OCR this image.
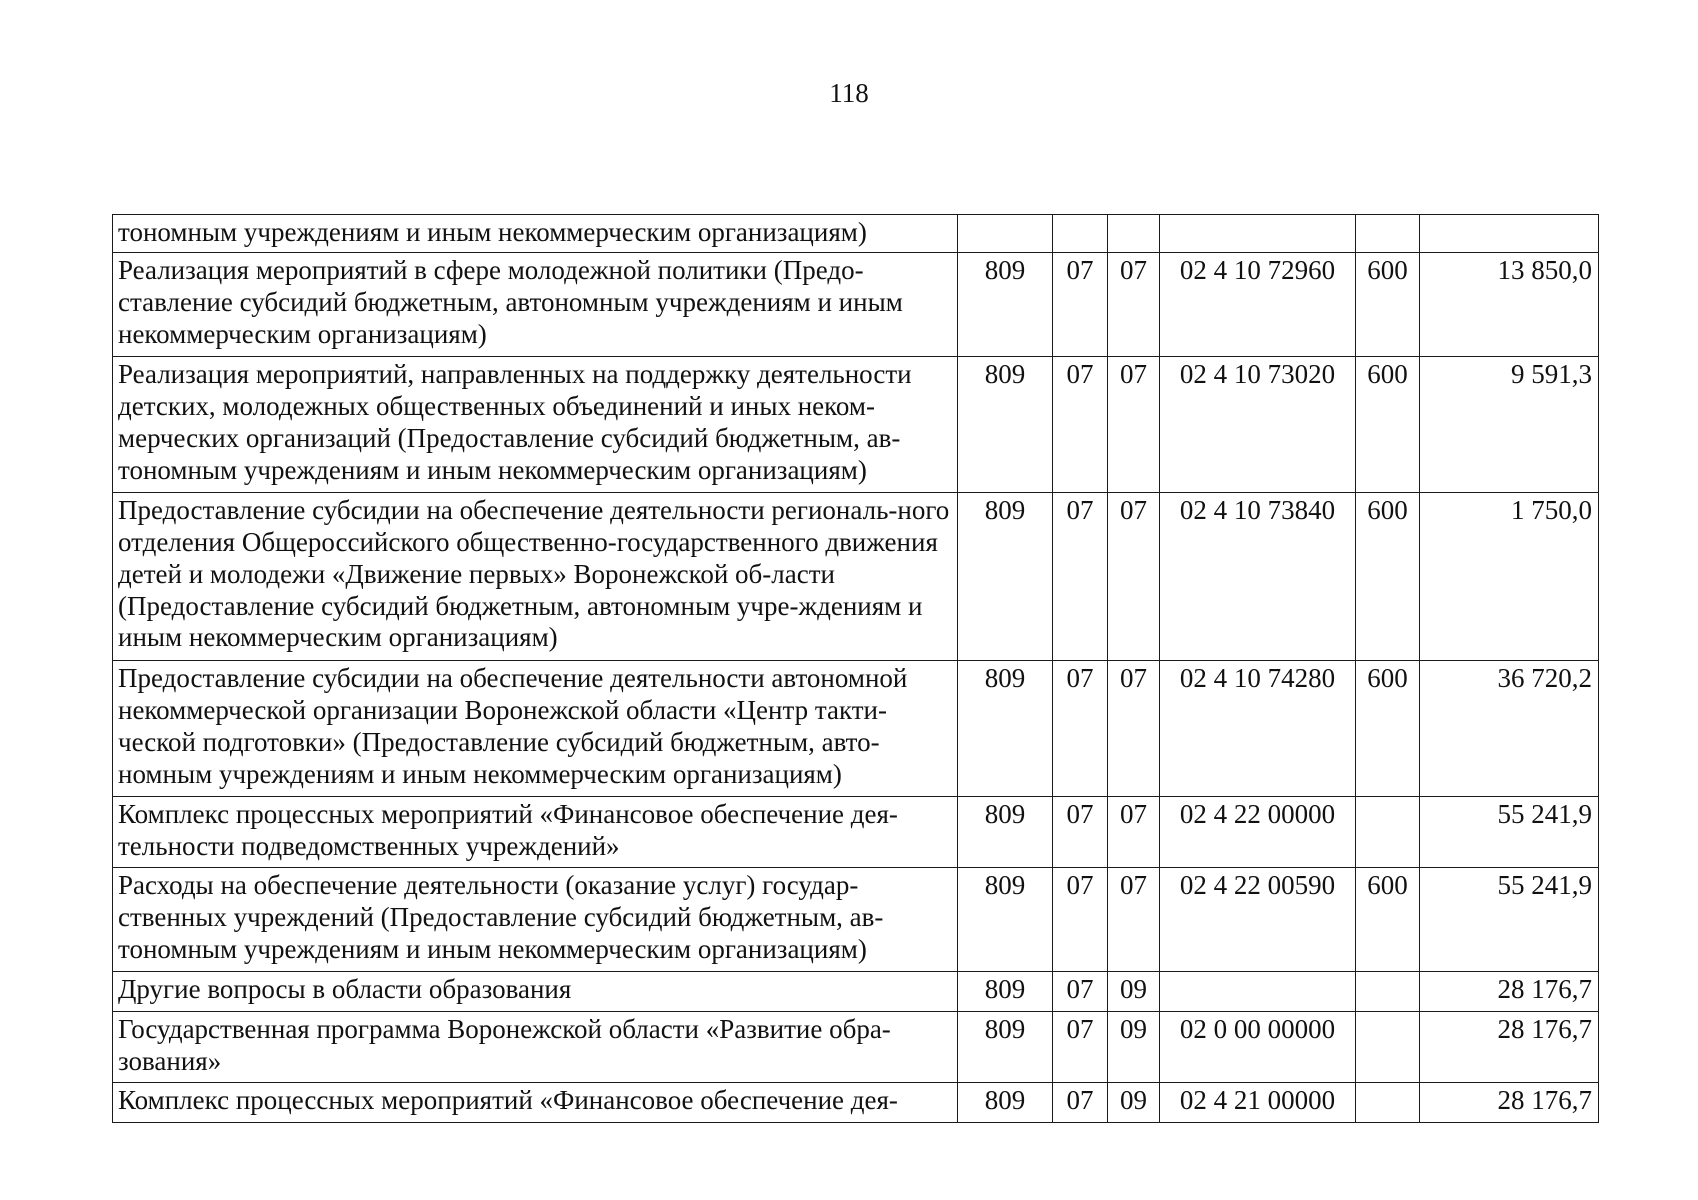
118
тономным учреждениям и иным некоммерческим организациям)						
Реализация мероприятий в сфере молодежной политики (Предо-ставление субсидий бюджетным, автономным учреждениям и иным некоммерческим организациям)	809	07	07	02 4 10 72960	600	13 850,0
Реализация мероприятий, направленных на поддержку деятельности детских, молодежных общественных объединений и иных неком-мерческих организаций (Предоставление субсидий бюджетным, ав-тономным учреждениям и иным некоммерческим организациям)	809	07	07	02 4 10 73020	600	9 591,3
Предоставление субсидии на обеспечение деятельности региональ-ного отделения Общероссийского общественно-государственного движения детей и молодежи «Движение первых» Воронежской об-ласти (Предоставление субсидий бюджетным, автономным учре-ждениям и иным некоммерческим организациям)	809	07	07	02 4 10 73840	600	1 750,0
Предоставление субсидии на обеспечение деятельности автономной некоммерческой организации Воронежской области «Центр такти-ческой подготовки» (Предоставление субсидий бюджетным, авто-номным учреждениям и иным некоммерческим организациям)	809	07	07	02 4 10 74280	600	36 720,2
Комплекс процессных мероприятий «Финансовое обеспечение дея-тельности подведомственных учреждений»	809	07	07	02 4 22 00000		55 241,9
Расходы на обеспечение деятельности (оказание услуг) государ-ственных учреждений (Предоставление субсидий бюджетным, ав-тономным учреждениям и иным некоммерческим организациям)	809	07	07	02 4 22 00590	600	55 241,9
Другие вопросы в области образования	809	07	09			28 176,7
Государственная программа Воронежской области «Развитие обра-зования»	809	07	09	02 0 00 00000		28 176,7
Комплекс процессных мероприятий «Финансовое обеспечение дея-	809	07	09	02 4 21 00000		28 176,7
